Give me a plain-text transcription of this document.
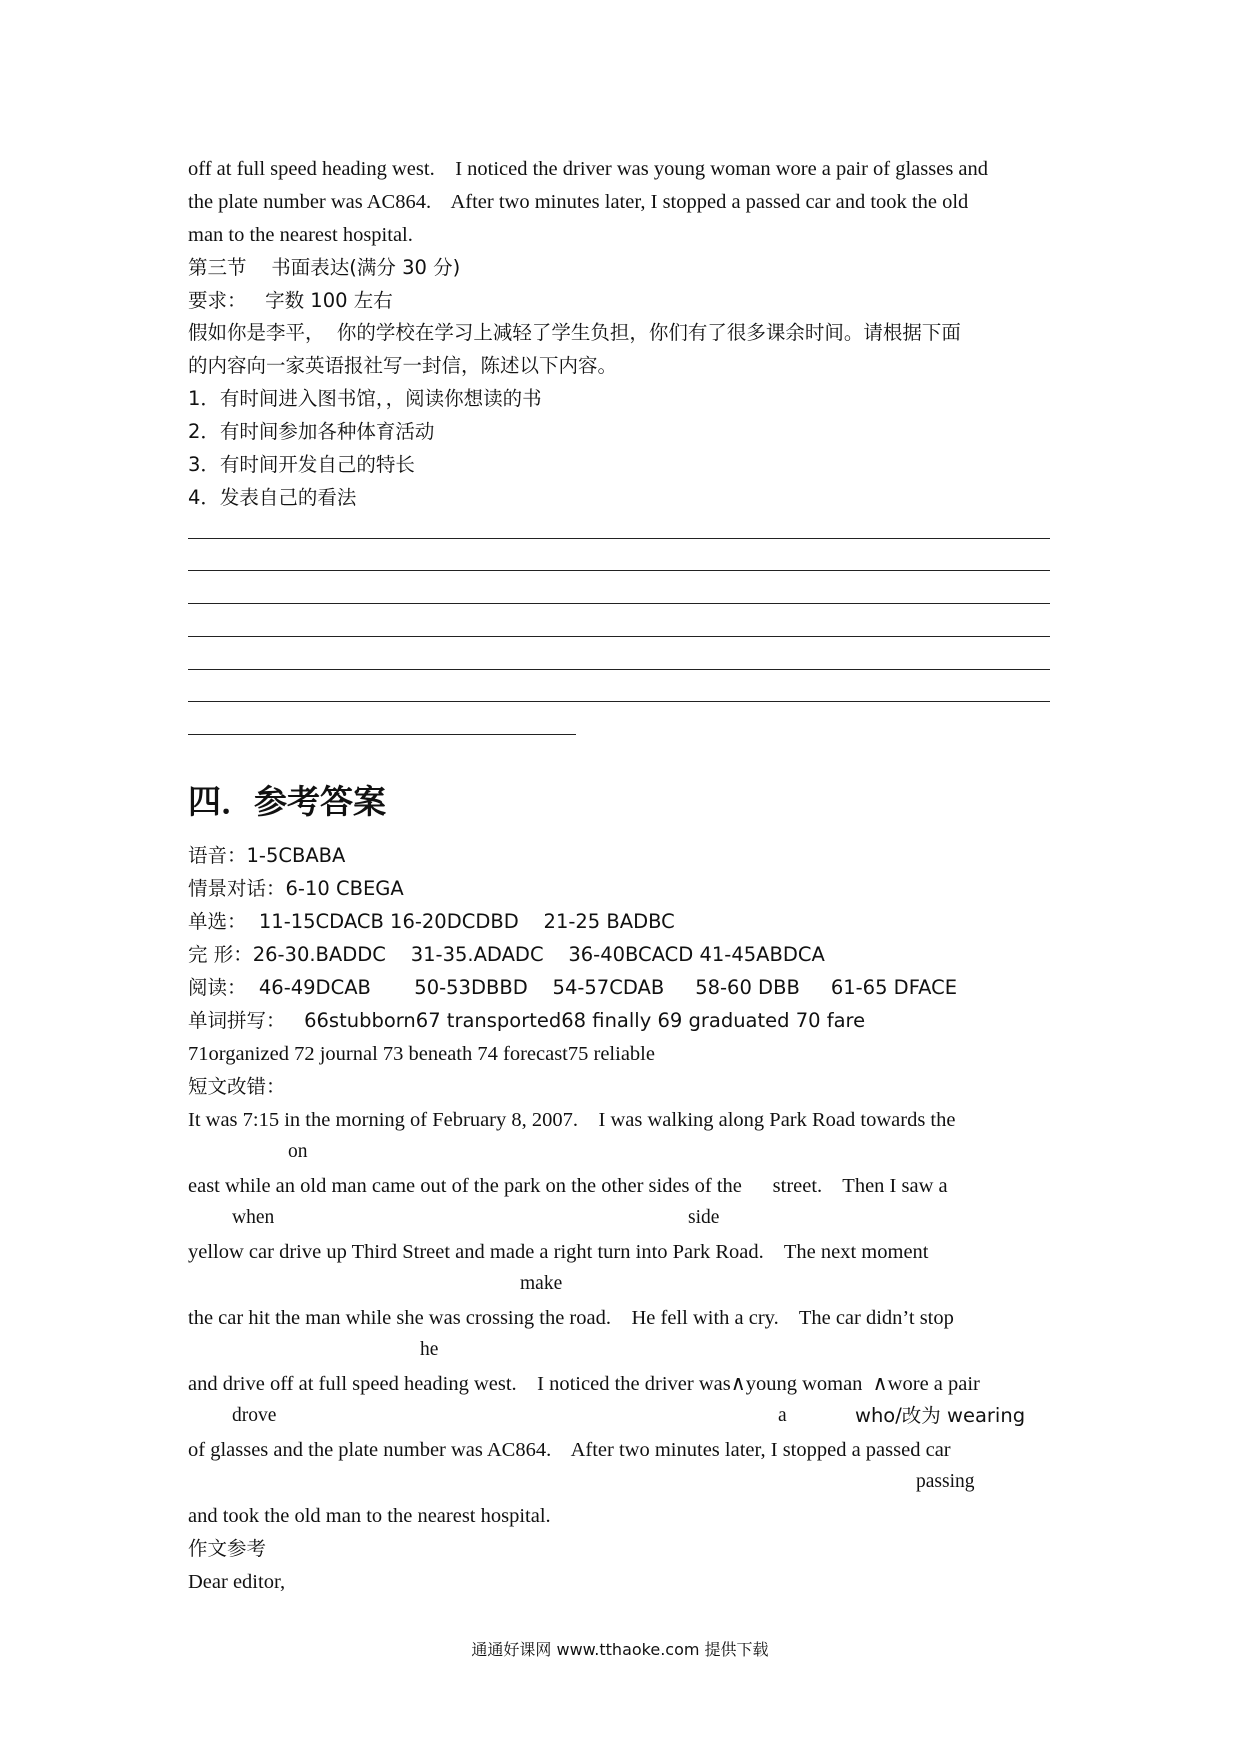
off at full speed heading west.    I noticed the driver was young woman wore a pair of glasses and
the plate number was AC864.    After two minutes later, I stopped a passed car and took the old
man to the nearest hospital.
第三节    书面表达(满分 30 分)
要求：   字数 100 左右
假如你是李平，  你的学校在学习上减轻了学生负担，你们有了很多课余时间。请根据下面
的内容向一家英语报社写一封信，陈述以下内容。
1．有时间进入图书馆，，阅读你想读的书
2．有时间参加各种体育活动
3．有时间开发自己的特长
4．发表自己的看法
四．参考答案
语音：1-5CBABA
情景对话：6-10 CBEGA
单选：  11-15CDACB 16-20DCDBD    21-25 BADBC
完 形：26-30.BADDC    31-35.ADADC    36-40BCACD 41-45ABDCA
阅读：  46-49DCAB       50-53DBBD    54-57CDAB     58-60 DBB     61-65 DFACE
单词拼写：   66stubborn67 transported68 finally 69 graduated 70 fare
71organized 72 journal 73 beneath 74 forecast75 reliable
短文改错：
It was 7:15 in the morning of February 8, 2007.    I was walking along Park Road towards the
on
east while an old man came out of the park on the other sides of the      street.    Then I saw a
when	side
yellow car drive up Third Street and made a right turn into Park Road.    The next moment
make
the car hit the man while she was crossing the road.    He fell with a cry.    The car didn’t stop
he
and drive off at full speed heading west.    I noticed the driver was∧young woman  ∧wore a pair
drove	a	who/改为 wearing
of glasses and the plate number was AC864.    After two minutes later, I stopped a passed car
passing
and took the old man to the nearest hospital.
作文参考
Dear editor,
通通好课网 www.tthaoke.com 提供下载
